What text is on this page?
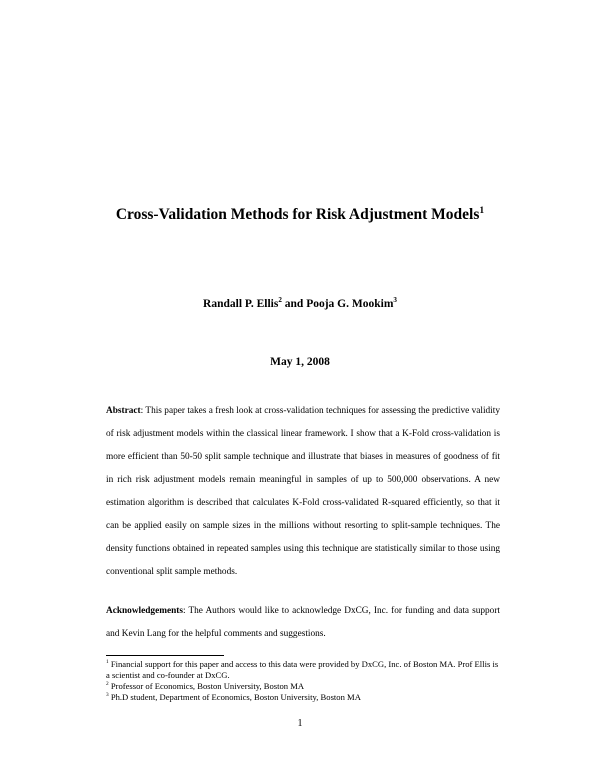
Cross-Validation Methods for Risk Adjustment Models$^1$
Randall P. Ellis$^2$ and Pooja G. Mookim$^3$
May 1, 2008

Abstract: This paper takes a fresh look at cross-validation techniques for assessing the predictive validity of risk adjustment models within the classical linear framework. I show that a K-Fold cross-validation is more efficient than 50-50 split sample technique and illustrate that biases in measures of goodness of fit in rich risk adjustment models remain meaningful in samples of up to 500,000 observations. A new estimation algorithm is described that calculates K-Fold cross-validated R-squared efficiently, so that it can be applied easily on sample sizes in the millions without resorting to split-sample techniques. The density functions obtained in repeated samples using this technique are statistically similar to those using conventional split sample methods.

Acknowledgements: The Authors would like to acknowledge DxCG, Inc. for funding and data support and Kevin Lang for the helpful comments and suggestions.

$^1$ Financial support for this paper and access to this data were provided by DxCG, Inc. of Boston MA. Prof Ellis is a scientist and co-founder at DxCG.

$^2$ Professor of Economics, Boston University, Boston MA

$^3$ Ph.D student, Department of Economics, Boston University, Boston MA

1
